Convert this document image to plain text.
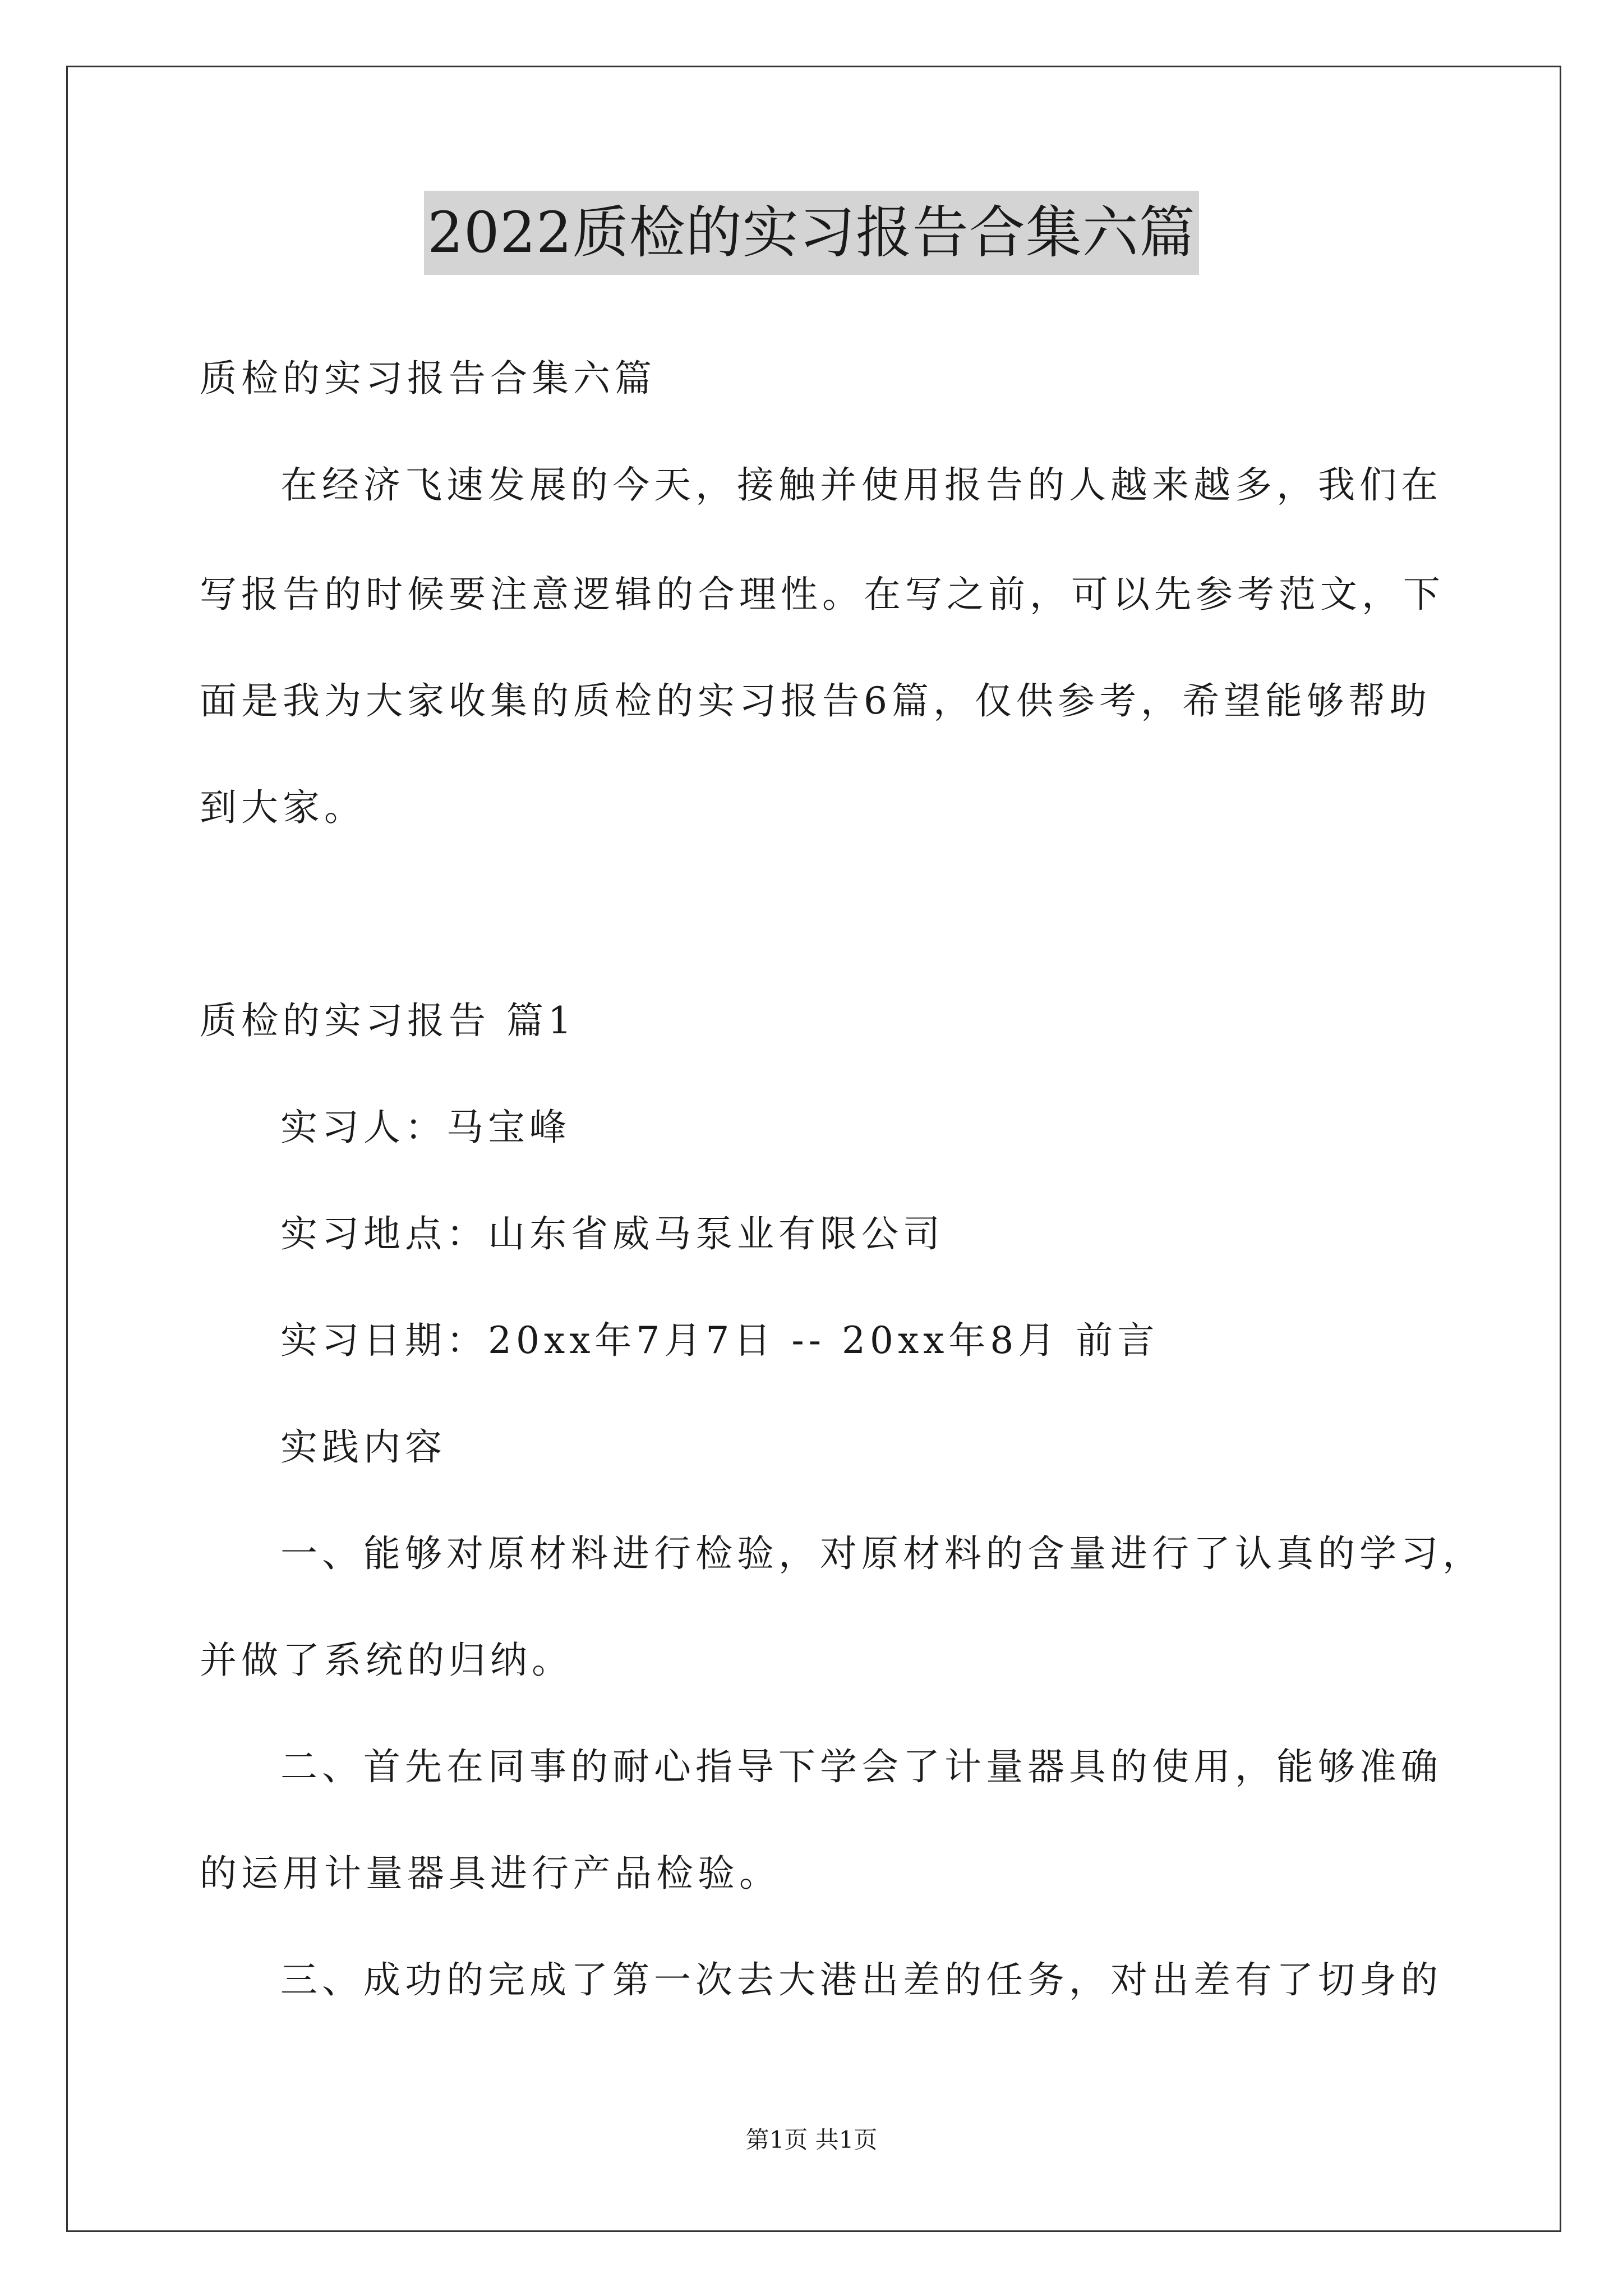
2022质检的实习报告合集六篇
质检的实习报告合集六篇
在经济飞速发展的今天，接触并使用报告的人越来越多，我们在
写报告的时候要注意逻辑的合理性。在写之前，可以先参考范文，下
面是我为大家收集的质检的实习报告6篇，仅供参考，希望能够帮助
到大家。
质检的实习报告 篇1
实习人：马宝峰
实习地点：山东省威马泵业有限公司
实习日期：20xx年7月7日 -- 20xx年8月 前言
实践内容
一、能够对原材料进行检验，对原材料的含量进行了认真的学习，
并做了系统的归纳。
二、首先在同事的耐心指导下学会了计量器具的使用，能够准确
的运用计量器具进行产品检验。
三、成功的完成了第一次去大港出差的任务，对出差有了切身的
第1页 共1页
